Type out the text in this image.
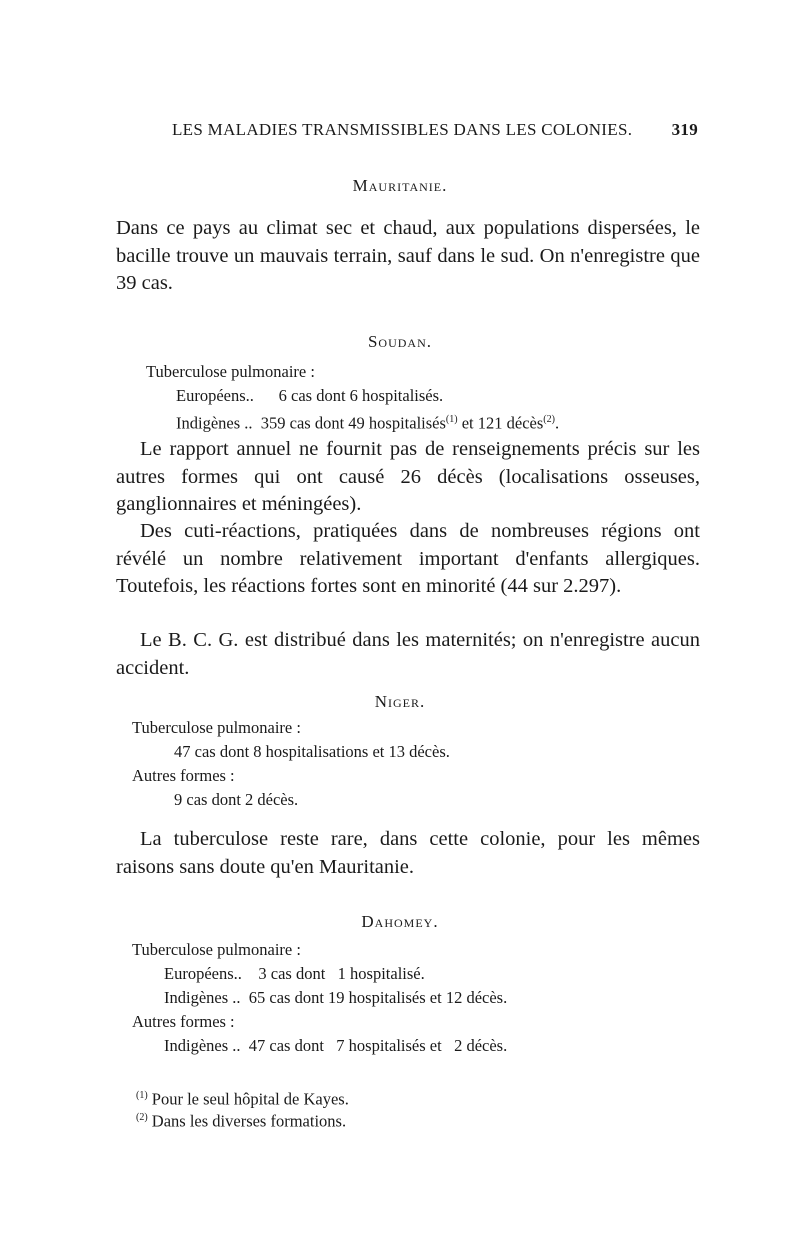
LES MALADIES TRANSMISSIBLES DANS LES COLONIES. 319
Mauritanie.
Dans ce pays au climat sec et chaud, aux populations dispersées, le bacille trouve un mauvais terrain, sauf dans le sud. On n'enregistre que 39 cas.
Soudan.
Tuberculose pulmonaire :
Européens..      6 cas dont 6 hospitalisés.
Indigènes ..  359 cas dont 49 hospitalisés$^{(1)}$ et 121 décès$^{(2)}$.
Le rapport annuel ne fournit pas de renseignements précis sur les autres formes qui ont causé 26 décès (localisations osseuses, ganglionnaires et méningées).
Des cuti-réactions, pratiquées dans de nombreuses régions ont révélé un nombre relativement important d'enfants allergiques. Toutefois, les réactions fortes sont en minorité (44 sur 2.297).
Le B. C. G. est distribué dans les maternités; on n'enregistre aucun accident.
Niger.
Tuberculose pulmonaire :
47 cas dont 8 hospitalisations et 13 décès.
Autres formes :
9 cas dont 2 décès.
La tuberculose reste rare, dans cette colonie, pour les mêmes raisons sans doute qu'en Mauritanie.
Dahomey.
Tuberculose pulmonaire :
Européens..    3 cas dont   1 hospitalisé.
Indigènes ..  65 cas dont 19 hospitalisés et 12 décès.
Autres formes :
Indigènes ..  47 cas dont   7 hospitalisés et   2 décès.
$^{(1)}$ Pour le seul hôpital de Kayes.
$^{(2)}$ Dans les diverses formations.
